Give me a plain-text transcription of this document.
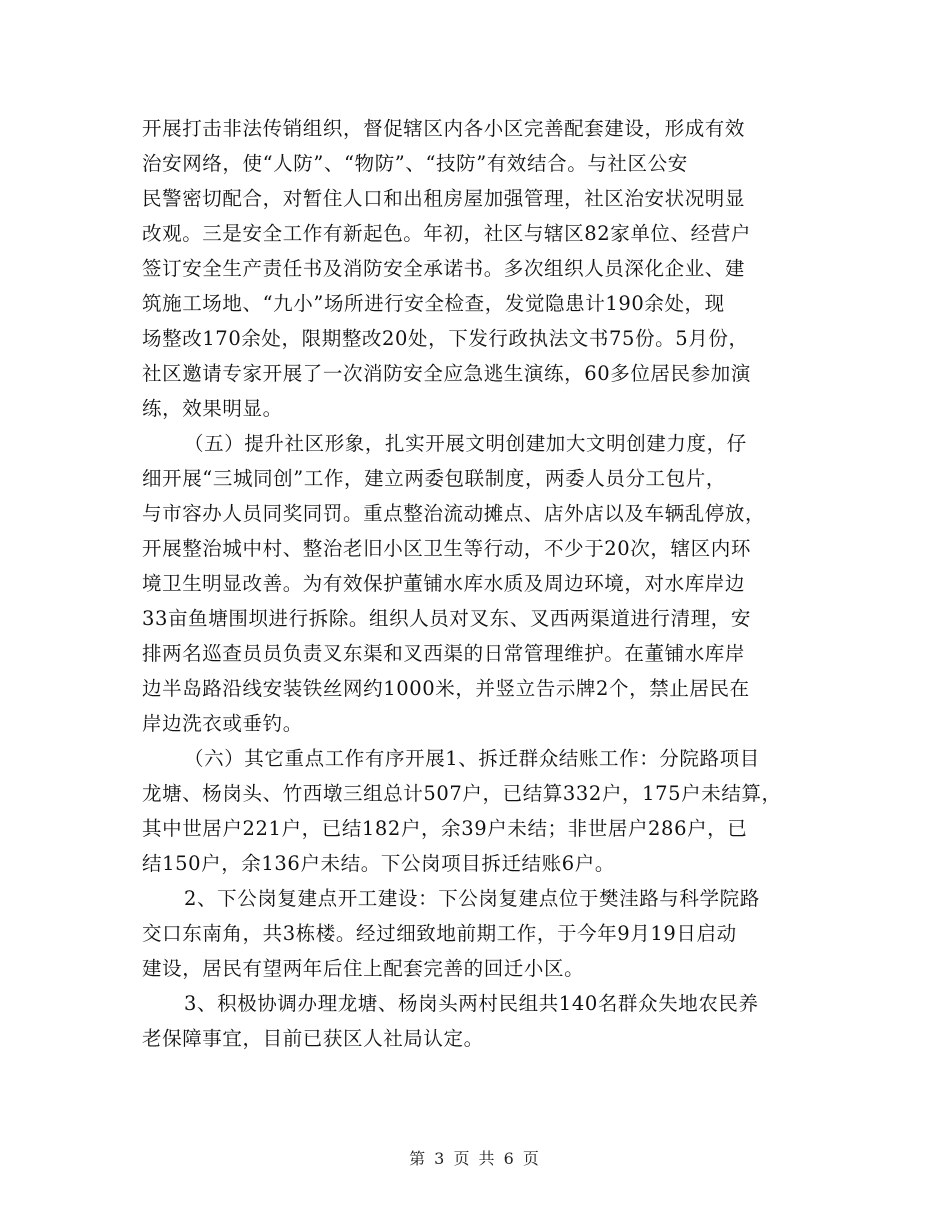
开展打击非法传销组织，督促辖区内各小区完善配套建设，形成有效
治安网络，使“人防”、“物防”、“技防”有效结合。与社区公安
民警密切配合，对暂住人口和出租房屋加强管理，社区治安状况明显
改观。三是安全工作有新起色。年初，社区与辖区82家单位、经营户
签订安全生产责任书及消防安全承诺书。多次组织人员深化企业、建
筑施工场地、“九小”场所进行安全检查，发觉隐患计190余处，现
场整改170余处，限期整改20处，下发行政执法文书75份。5月份，
社区邀请专家开展了一次消防安全应急逃生演练，60多位居民参加演
练，效果明显。
（五）提升社区形象，扎实开展文明创建加大文明创建力度，仔
细开展“三城同创”工作，建立两委包联制度，两委人员分工包片，
与市容办人员同奖同罚。重点整治流动摊点、店外店以及车辆乱停放，
开展整治城中村、整治老旧小区卫生等行动，不少于20次，辖区内环
境卫生明显改善。为有效保护董铺水库水质及周边环境，对水库岸边
33亩鱼塘围坝进行拆除。组织人员对叉东、叉西两渠道进行清理，安
排两名巡查员员负责叉东渠和叉西渠的日常管理维护。在董铺水库岸
边半岛路沿线安装铁丝网约1000米，并竖立告示牌2个，禁止居民在
岸边洗衣或垂钓。
（六）其它重点工作有序开展1、拆迁群众结账工作：分院路项目
龙塘、杨岗头、竹西墩三组总计507户，已结算332户，175户未结算，
其中世居户221户，已结182户，余39户未结；非世居户286户，已
结150户，余136户未结。下公岗项目拆迁结账6户。
2、下公岗复建点开工建设：下公岗复建点位于樊洼路与科学院路
交口东南角，共3栋楼。经过细致地前期工作，于今年9月19日启动
建设，居民有望两年后住上配套完善的回迁小区。
3、积极协调办理龙塘、杨岗头两村民组共140名群众失地农民养
老保障事宜，目前已获区人社局认定。
第 3 页 共 6 页
